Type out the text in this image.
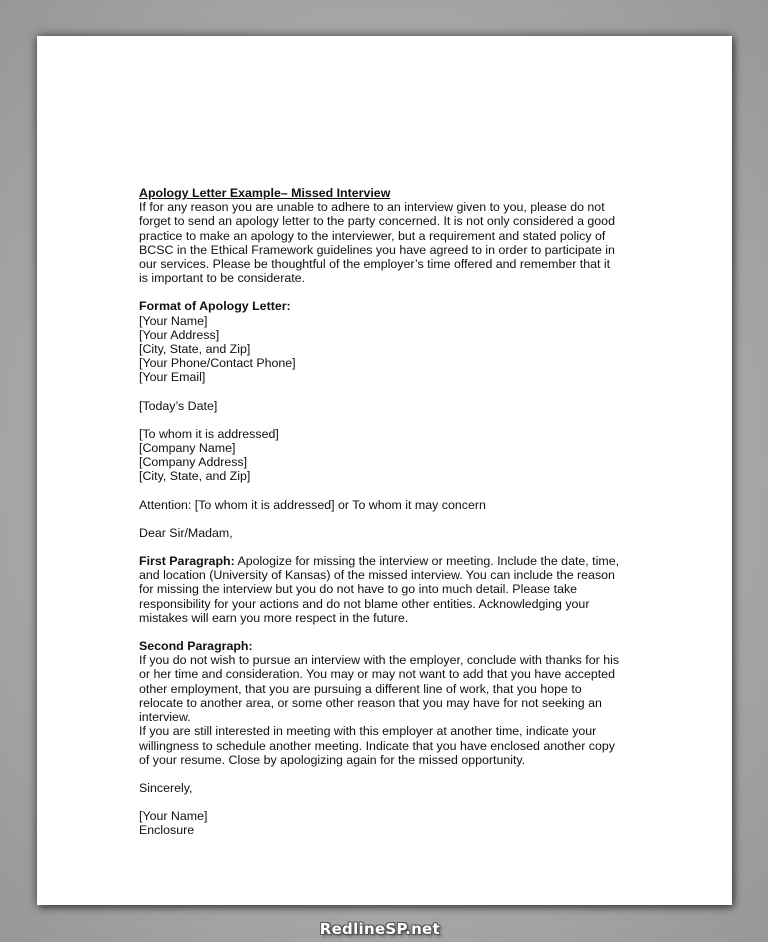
Apology Letter Example– Missed Interview

If for any reason you are unable to adhere to an interview given to you, please do not

forget to send an apology letter to the party concerned. It is not only considered a good

practice to make an apology to the interviewer, but a requirement and stated policy of

BCSC in the Ethical Framework guidelines you have agreed to in order to participate in

our services. Please be thoughtful of the employer’s time offered and remember that it

is important to be considerate.

Format of Apology Letter:

[Your Name]

[Your Address]

[City, State, and Zip]

[Your Phone/Contact Phone]

[Your Email]

[Today’s Date]

[To whom it is addressed]

[Company Name]

[Company Address]

[City, State, and Zip]

Attention: [To whom it is addressed] or To whom it may concern

Dear Sir/Madam,

First Paragraph: Apologize for missing the interview or meeting. Include the date, time,

and location (University of Kansas) of the missed interview. You can include the reason

for missing the interview but you do not have to go into much detail. Please take

responsibility for your actions and do not blame other entities. Acknowledging your

mistakes will earn you more respect in the future.

Second Paragraph:

If you do not wish to pursue an interview with the employer, conclude with thanks for his

or her time and consideration. You may or may not want to add that you have accepted

other employment, that you are pursuing a different line of work, that you hope to

relocate to another area, or some other reason that you may have for not seeking an

interview.

If you are still interested in meeting with this employer at another time, indicate your

willingness to schedule another meeting. Indicate that you have enclosed another copy

of your resume. Close by apologizing again for the missed opportunity.

Sincerely,

[Your Name]

Enclosure

RedlineSP.net
